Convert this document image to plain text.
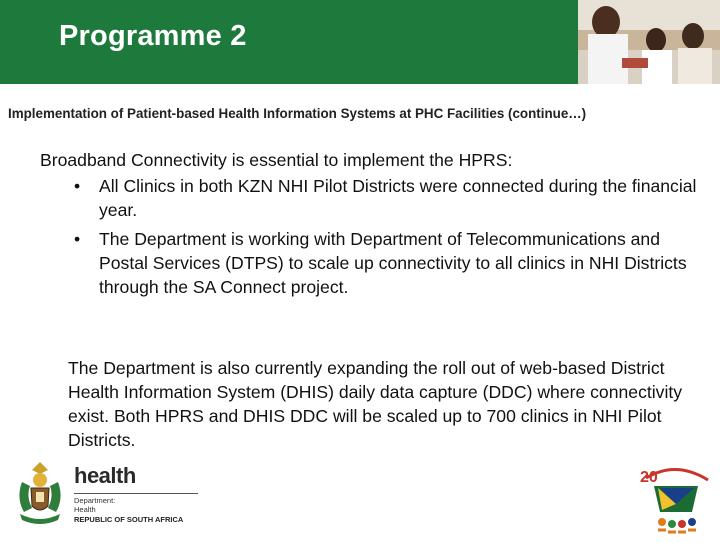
Programme 2
Implementation of Patient-based Health Information Systems at PHC Facilities (continue…)
Broadband Connectivity is essential to implement the HPRS:
• All Clinics in both KZN NHI Pilot Districts were connected during the financial year.
• The Department is working with Department of Telecommunications and Postal Services (DTPS) to scale up connectivity to all clinics in NHI Districts through the SA Connect project.
The Department is also currently expanding the roll out of web-based District Health Information System (DHIS) daily data capture (DDC) where connectivity exist. Both HPRS and DHIS DDC will be scaled up to 700 clinics in NHI Pilot Districts.
health
Department:
Health
REPUBLIC OF SOUTH AFRICA
20
